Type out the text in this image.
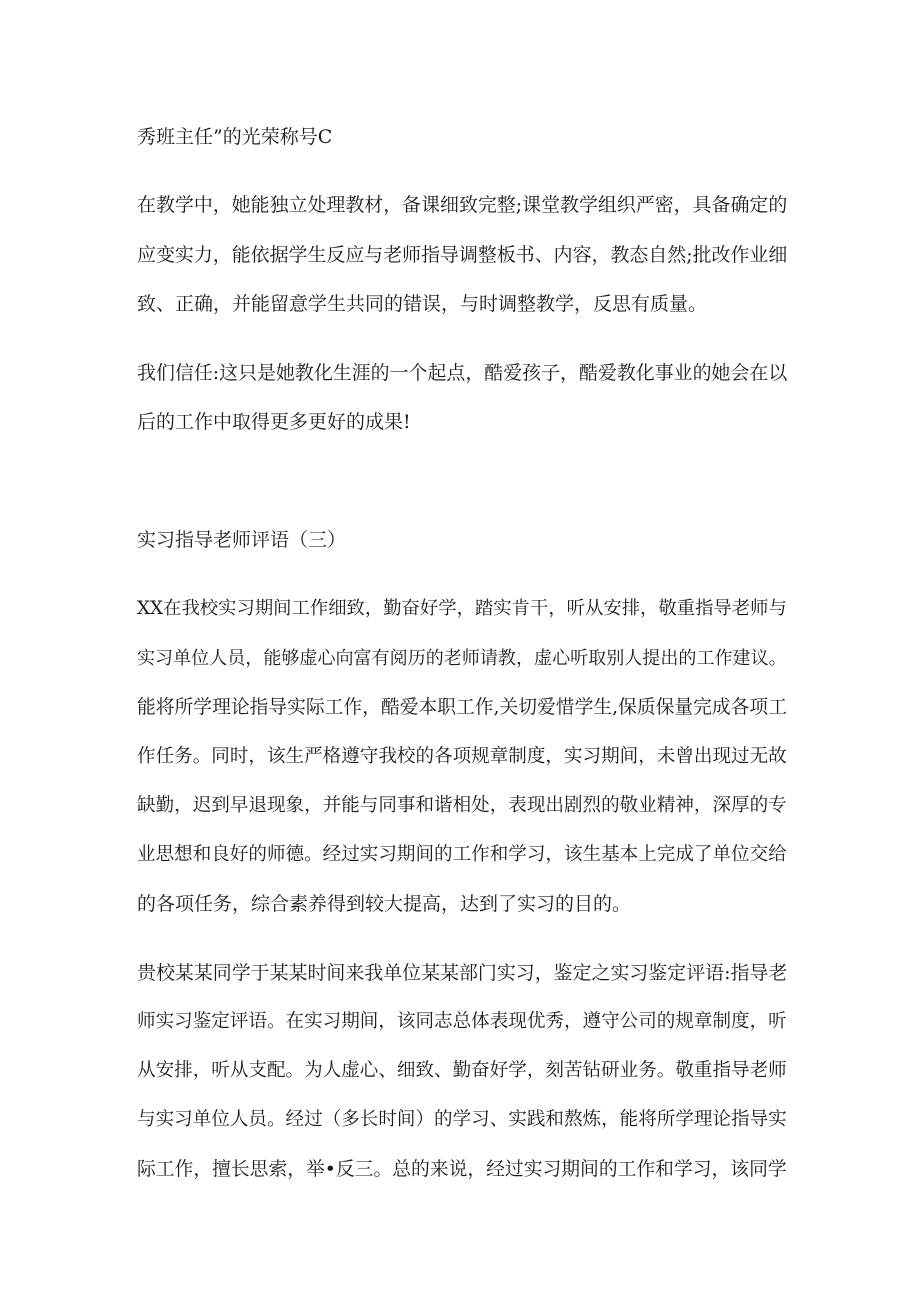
秀班主任”的光荣称号C

在教学中，她能独立处理教材，备课细致完整;课堂教学组织严密，具备确定的

应变实力，能依据学生反应与老师指导调整板书、内容，教态自然;批改作业细

致、正确，并能留意学生共同的错误，与时调整教学，反思有质量。

我们信任:这只是她教化生涯的一个起点，酷爱孩子，酷爱教化事业的她会在以

后的工作中取得更多更好的成果!

实习指导老师评语（三）

XX在我校实习期间工作细致，勤奋好学，踏实肯干，听从安排，敬重指导老师与

实习单位人员，能够虚心向富有阅历的老师请教，虚心听取别人提出的工作建议。

能将所学理论指导实际工作，酷爱本职工作,关切爱惜学生,保质保量完成各项工

作任务。同时，该生严格遵守我校的各项规章制度，实习期间，未曾出现过无故

缺勤，迟到早退现象，并能与同事和谐相处，表现出剧烈的敬业精神，深厚的专

业思想和良好的师德。经过实习期间的工作和学习，该生基本上完成了单位交给

的各项任务，综合素养得到较大提高，达到了实习的目的。

贵校某某同学于某某时间来我单位某某部门实习，鉴定之实习鉴定评语:指导老

师实习鉴定评语。在实习期间，该同志总体表现优秀，遵守公司的规章制度，听

从安排，听从支配。为人虚心、细致、勤奋好学，刻苦钻研业务。敬重指导老师

与实习单位人员。经过（多长时间）的学习、实践和熬炼，能将所学理论指导实

际工作，擅长思索，举•反三。总的来说，经过实习期间的工作和学习，该同学
